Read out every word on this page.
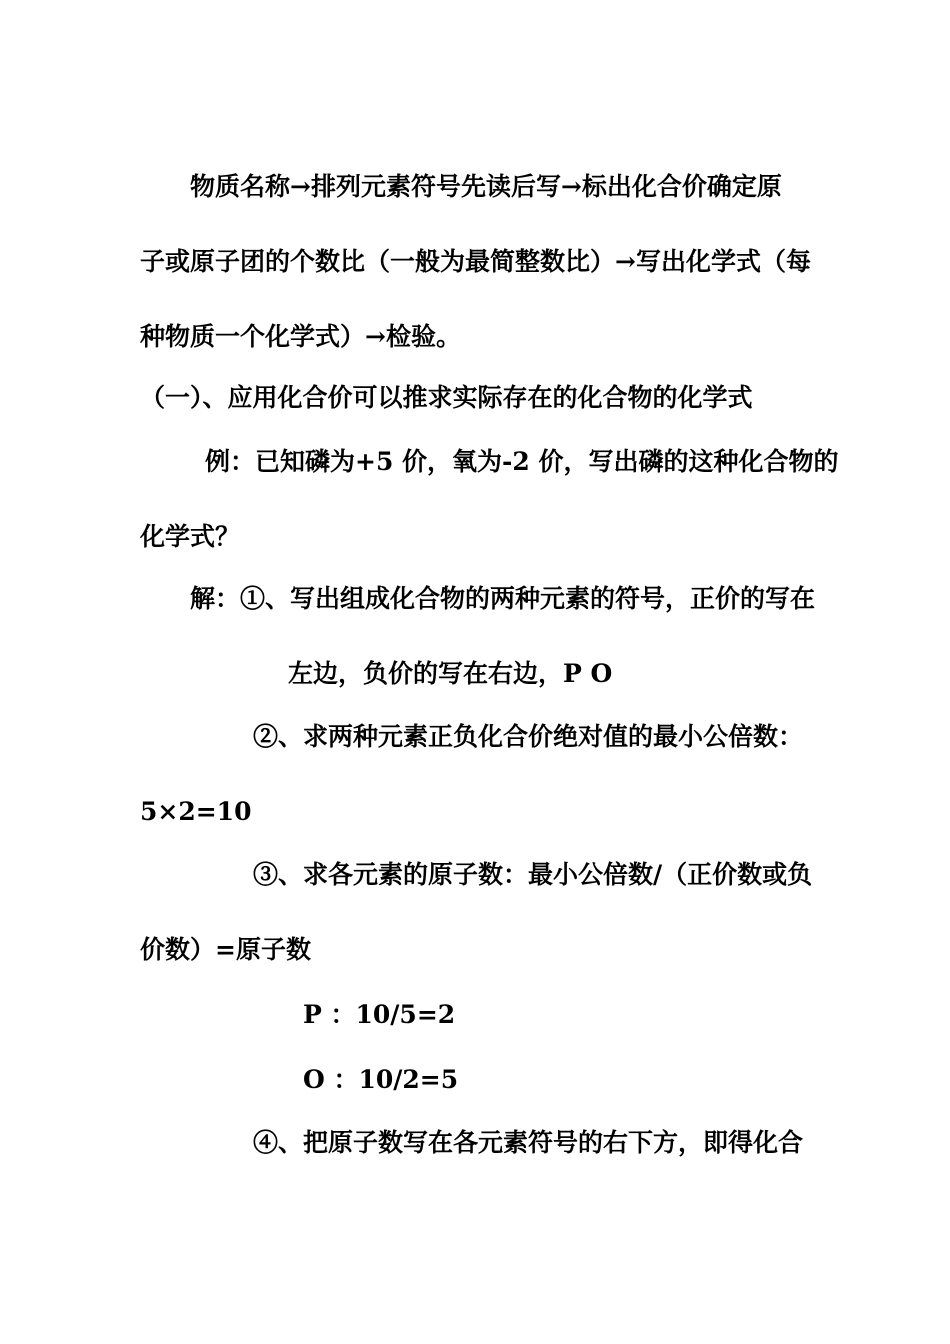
物质名称→排列元素符号先读后写→标出化合价确定原
子或原子团的个数比（一般为最简整数比）→写出化学式（每
种物质一个化学式）→检验。
（一）、应用化合价可以推求实际存在的化合物的化学式
例：已知磷为+5 价，氧为-2 价，写出磷的这种化合物的
化学式？
解：①、写出组成化合物的两种元素的符号，正价的写在
左边，负价的写在右边，P O
②、求两种元素正负化合价绝对值的最小公倍数：
5×2=10
③、求各元素的原子数：最小公倍数/（正价数或负
价数）=原子数
P ：10/5=2
O ：10/2=5
④、把原子数写在各元素符号的右下方，即得化合
